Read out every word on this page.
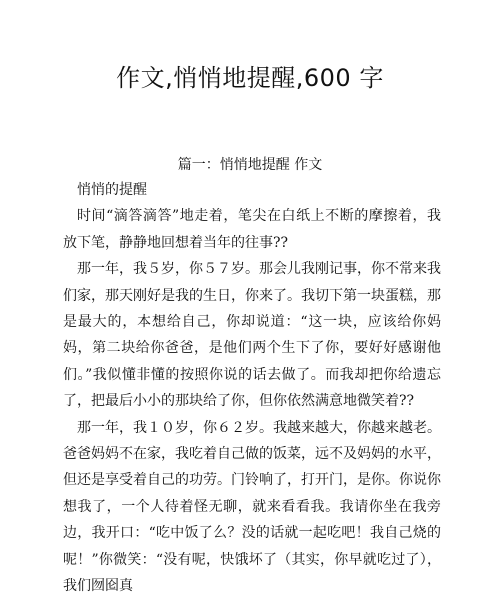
作文,悄悄地提醒,600 字
篇一：悄悄地提醒 作文

悄悄的提醒

时间“滴答滴答”地走着，笔尖在白纸上不断的摩擦着，我放下笔，静静地回想着当年的往事??

那一年，我５岁，你５７岁。那会儿我刚记事，你不常来我们家，那天刚好是我的生日，你来了。我切下第一块蛋糕，那是最大的，本想给自己，你却说道：“这一块，应该给你妈妈，第二块给你爸爸，是他们两个生下了你，要好好感谢他们。”我似懂非懂的按照你说的话去做了。而我却把你给遗忘了，把最后小小的那块给了你，但你依然满意地微笑着??

那一年，我１０岁，你６２岁。我越来越大，你越来越老。爸爸妈妈不在家，我吃着自己做的饭菜，远不及妈妈的水平，但还是享受着自己的功劳。门铃响了，打开门，是你。你说你想我了，一个人待着怪无聊，就来看看我。我请你坐在我旁边，我开口：“吃中饭了么？没的话就一起吃吧！我自己烧的呢！”你微笑：“没有呢，快饿坏了（其实，你早就吃过了），我们囫囵真
